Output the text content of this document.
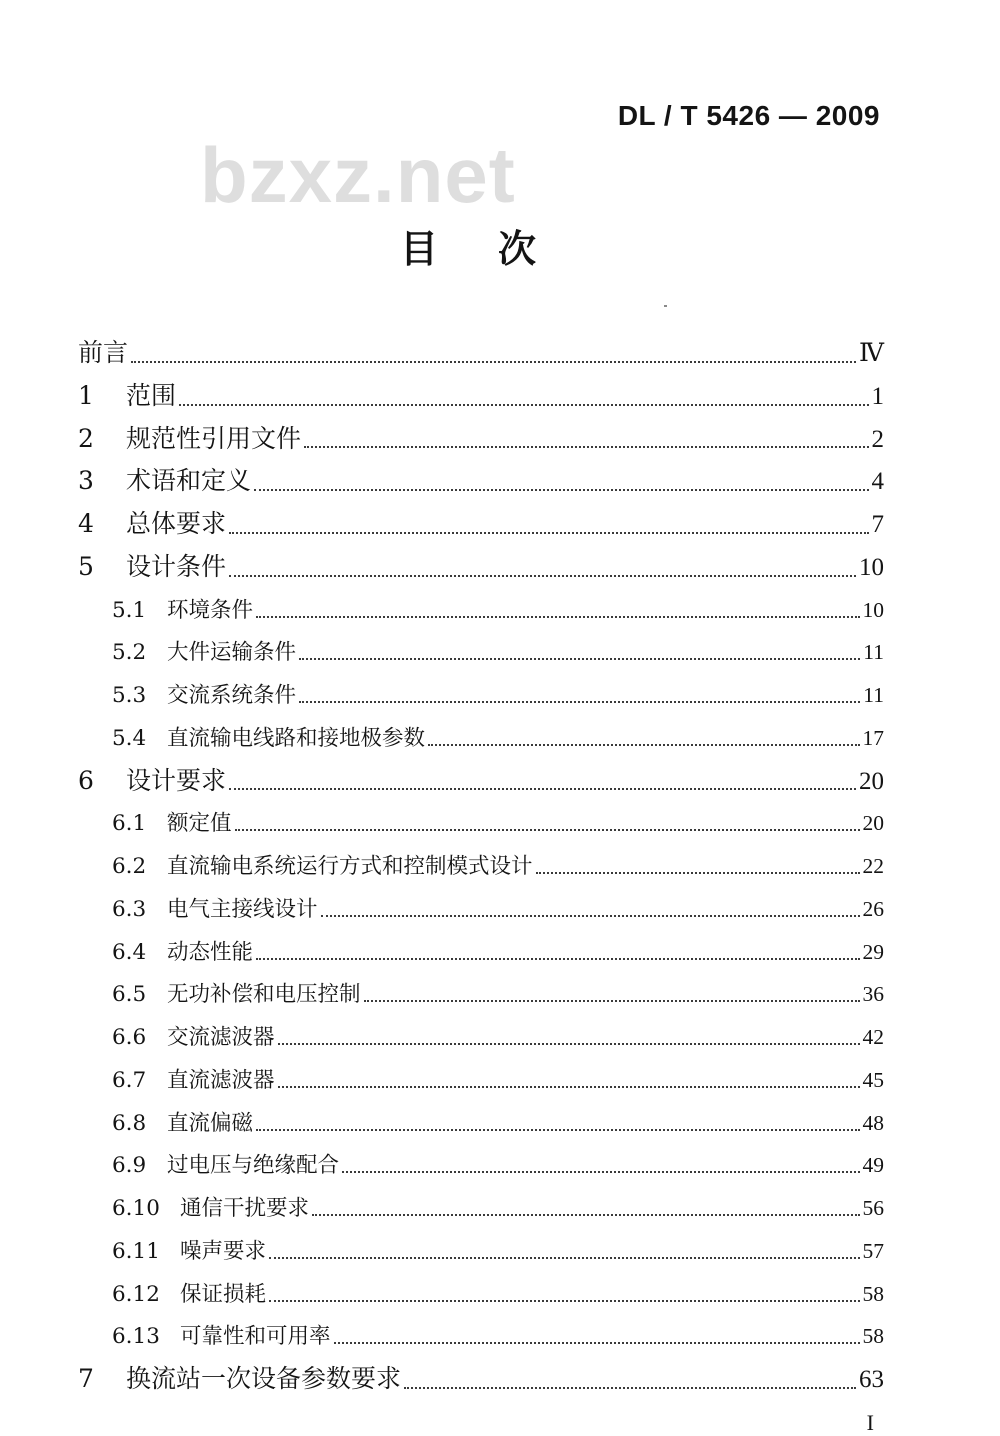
DL / T 5426 — 2009
bzxz.net
目 次
前言	Ⅳ
1	范围	1
2	规范性引用文件	2
3	术语和定义	4
4	总体要求	7
5	设计条件	10
5.1 环境条件	10
5.2 大件运输条件	11
5.3 交流系统条件	11
5.4 直流输电线路和接地极参数	17
6	设计要求	20
6.1 额定值	20
6.2 直流输电系统运行方式和控制模式设计	22
6.3 电气主接线设计	26
6.4 动态性能	29
6.5 无功补偿和电压控制	36
6.6 交流滤波器	42
6.7 直流滤波器	45
6.8 直流偏磁	48
6.9 过电压与绝缘配合	49
6.10 通信干扰要求	56
6.11 噪声要求	57
6.12 保证损耗	58
6.13 可靠性和可用率	58
7	换流站一次设备参数要求	63
I
